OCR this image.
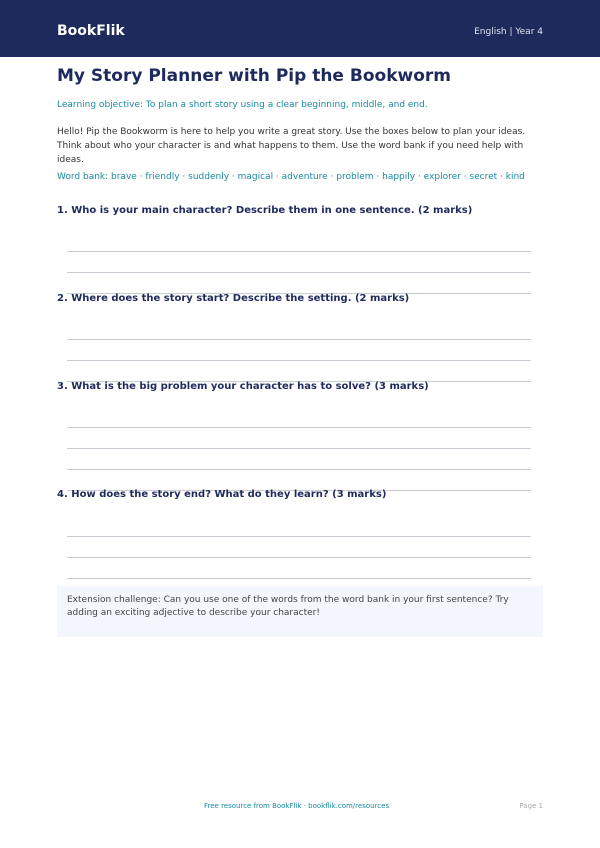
BookFlik	English | Year 4
My Story Planner with Pip the Bookworm
Learning objective: To plan a short story using a clear beginning, middle, and end.

Hello! Pip the Bookworm is here to help you write a great story. Use the boxes below to plan your ideas. Think about who your character is and what happens to them. Use the word bank if you need help with ideas.

Word bank: brave · friendly · suddenly · magical · adventure · problem · happily · explorer · secret · kind
1. Who is your main character? Describe them in one sentence. (2 marks)
2. Where does the story start? Describe the setting. (2 marks)
3. What is the big problem your character has to solve? (3 marks)
4. How does the story end? What do they learn? (3 marks)

Extension challenge: Can you use one of the words from the word bank in your first sentence? Try adding an exciting adjective to describe your character!

Free resource from BookFlik · bookflik.com/resources	Page 1
